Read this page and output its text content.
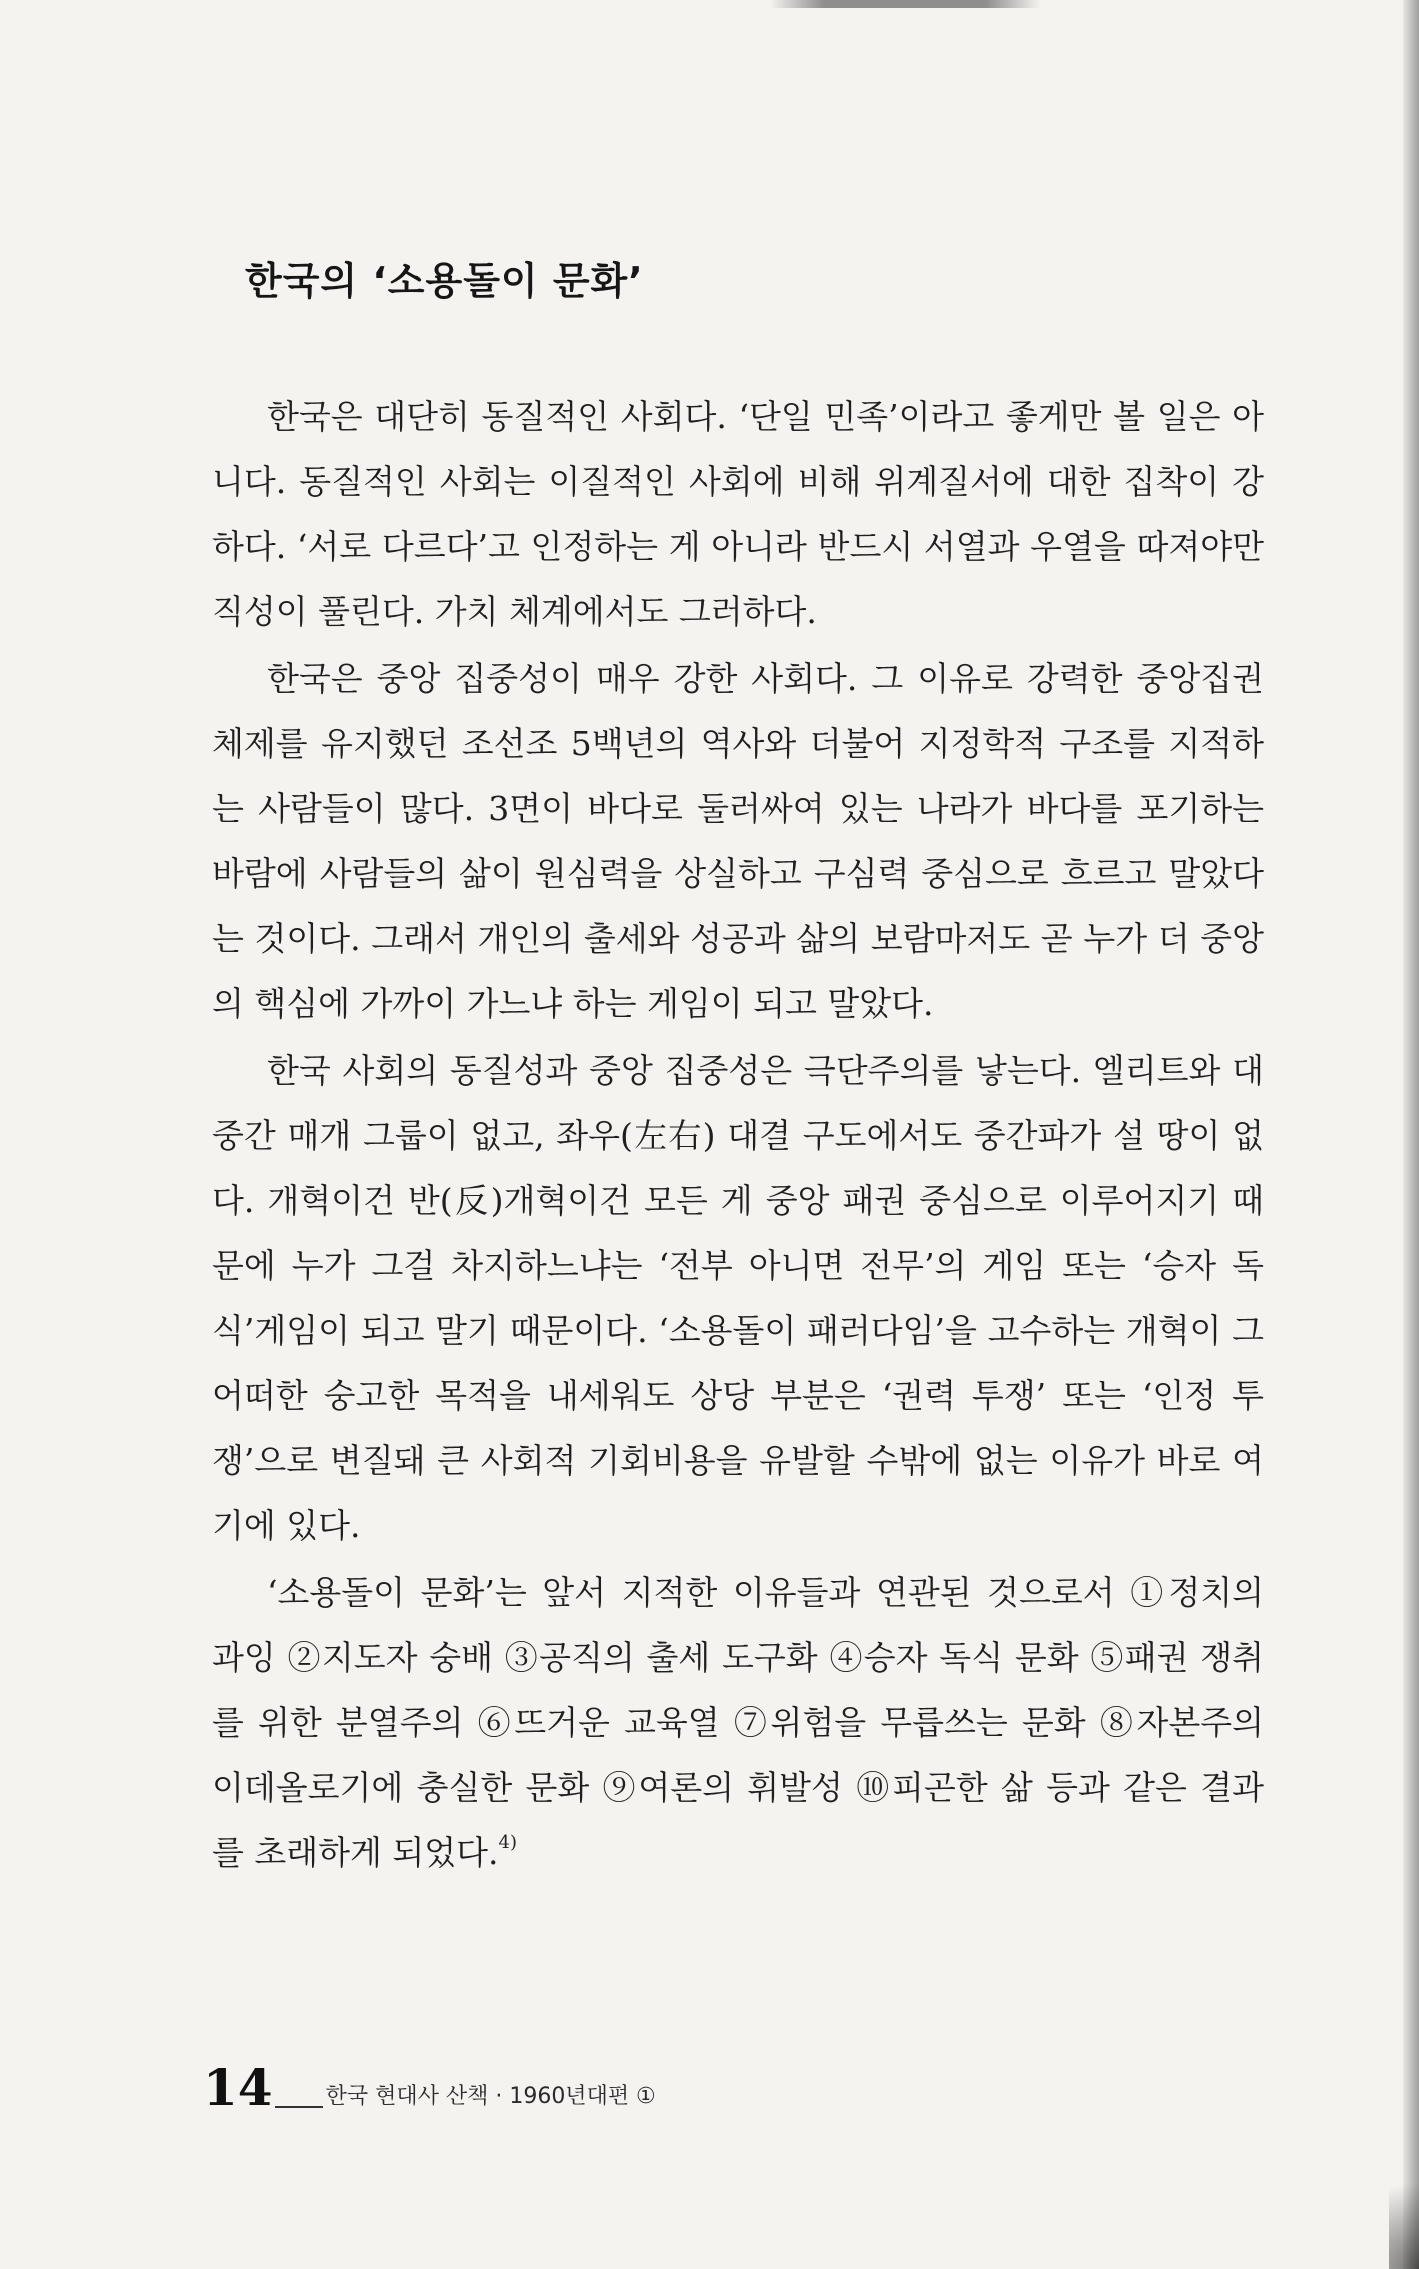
한국의 ‘소용돌이 문화’

한국은 대단히 동질적인 사회다. ‘단일 민족’이라고 좋게만 볼 일은 아니다. 동질적인 사회는 이질적인 사회에 비해 위계질서에 대한 집착이 강하다. ‘서로 다르다’고 인정하는 게 아니라 반드시 서열과 우열을 따져야만 직성이 풀린다. 가치 체계에서도 그러하다.

한국은 중앙 집중성이 매우 강한 사회다. 그 이유로 강력한 중앙집권체제를 유지했던 조선조 5백년의 역사와 더불어 지정학적 구조를 지적하는 사람들이 많다. 3면이 바다로 둘러싸여 있는 나라가 바다를 포기하는 바람에 사람들의 삶이 원심력을 상실하고 구심력 중심으로 흐르고 말았다는 것이다. 그래서 개인의 출세와 성공과 삶의 보람마저도 곧 누가 더 중앙의 핵심에 가까이 가느냐 하는 게임이 되고 말았다.

한국 사회의 동질성과 중앙 집중성은 극단주의를 낳는다. 엘리트와 대중간 매개 그룹이 없고, 좌우(左右) 대결 구도에서도 중간파가 설 땅이 없다. 개혁이건 반(反)개혁이건 모든 게 중앙 패권 중심으로 이루어지기 때문에 누가 그걸 차지하느냐는 ‘전부 아니면 전무’의 게임 또는 ‘승자 독식’게임이 되고 말기 때문이다. ‘소용돌이 패러다임’을 고수하는 개혁이 그 어떠한 숭고한 목적을 내세워도 상당 부분은 ‘권력 투쟁’ 또는 ‘인정 투쟁’으로 변질돼 큰 사회적 기회비용을 유발할 수밖에 없는 이유가 바로 여기에 있다.

‘소용돌이 문화’는 앞서 지적한 이유들과 연관된 것으로서 ①정치의 과잉 ②지도자 숭배 ③공직의 출세 도구화 ④승자 독식 문화 ⑤패권 쟁취를 위한 분열주의 ⑥뜨거운 교육열 ⑦위험을 무릅쓰는 문화 ⑧자본주의 이데올로기에 충실한 문화 ⑨여론의 휘발성 ⑩피곤한 삶 등과 같은 결과를 초래하게 되었다.$^{4)}$

14 한국 현대사 산책 · 1960년대편 ①
